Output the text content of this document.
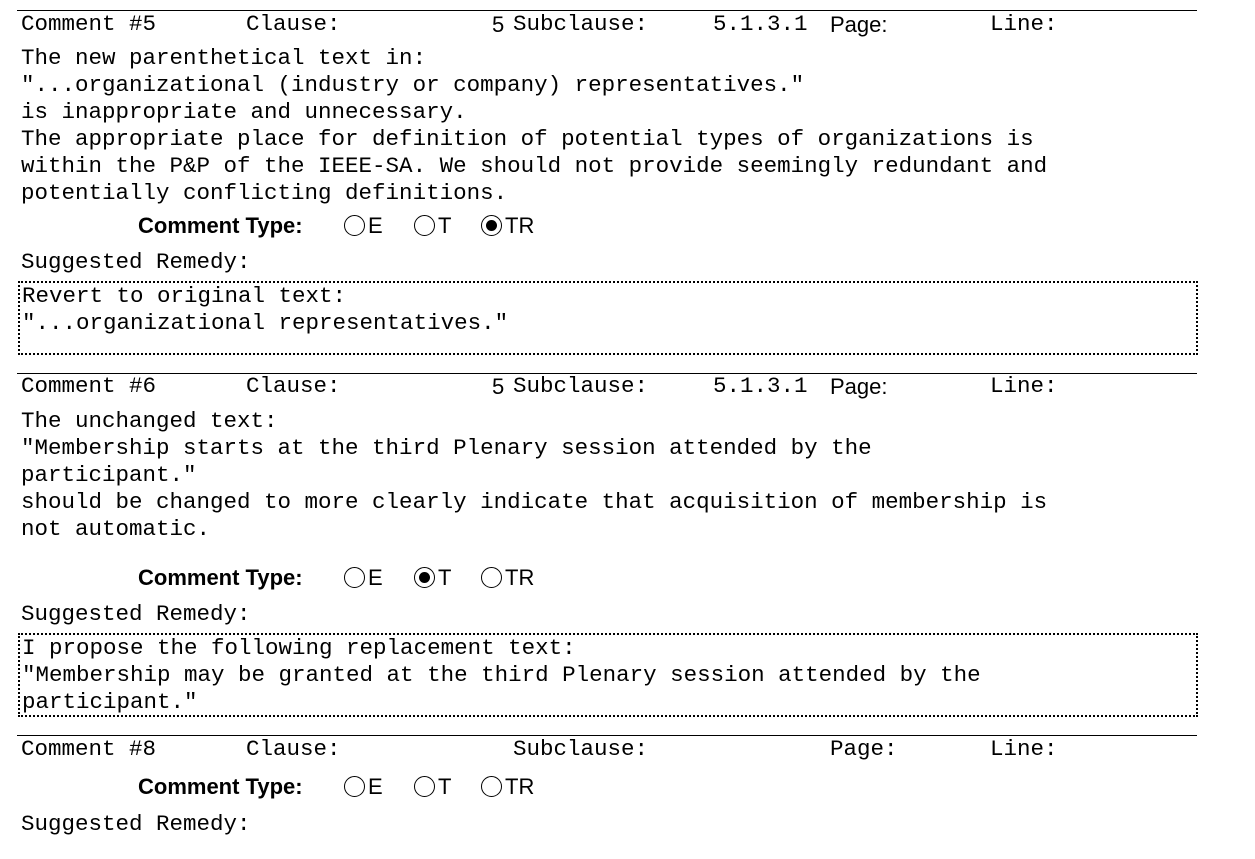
Comment #5	Clause:	5 Subclause:	5.1.3.1 Page:	Line:
The new parenthetical text in:
"...organizational (industry or company) representatives."
is inappropriate and unnecessary.
The appropriate place for definition of potential types of organizations is
within the P&P of the IEEE-SA. We should not provide seemingly redundant and
potentially conflicting definitions.
Comment Type:	E	T TR
Suggested Remedy:
Revert to original text:
"...organizational representatives."
Comment #6	Clause:	5 Subclause:	5.1.3.1 Page:	Line:
The unchanged text:
"Membership starts at the third Plenary session attended by the
participant."
should be changed to more clearly indicate that acquisition of membership is
not automatic.
Comment Type:	E	T TR
Suggested Remedy:
I propose the following replacement text:
"Membership may be granted at the third Plenary session attended by the
participant."
Comment #8	Clause:	Subclause:	Page:	Line:
Comment Type:	E	T TR
Suggested Remedy:
